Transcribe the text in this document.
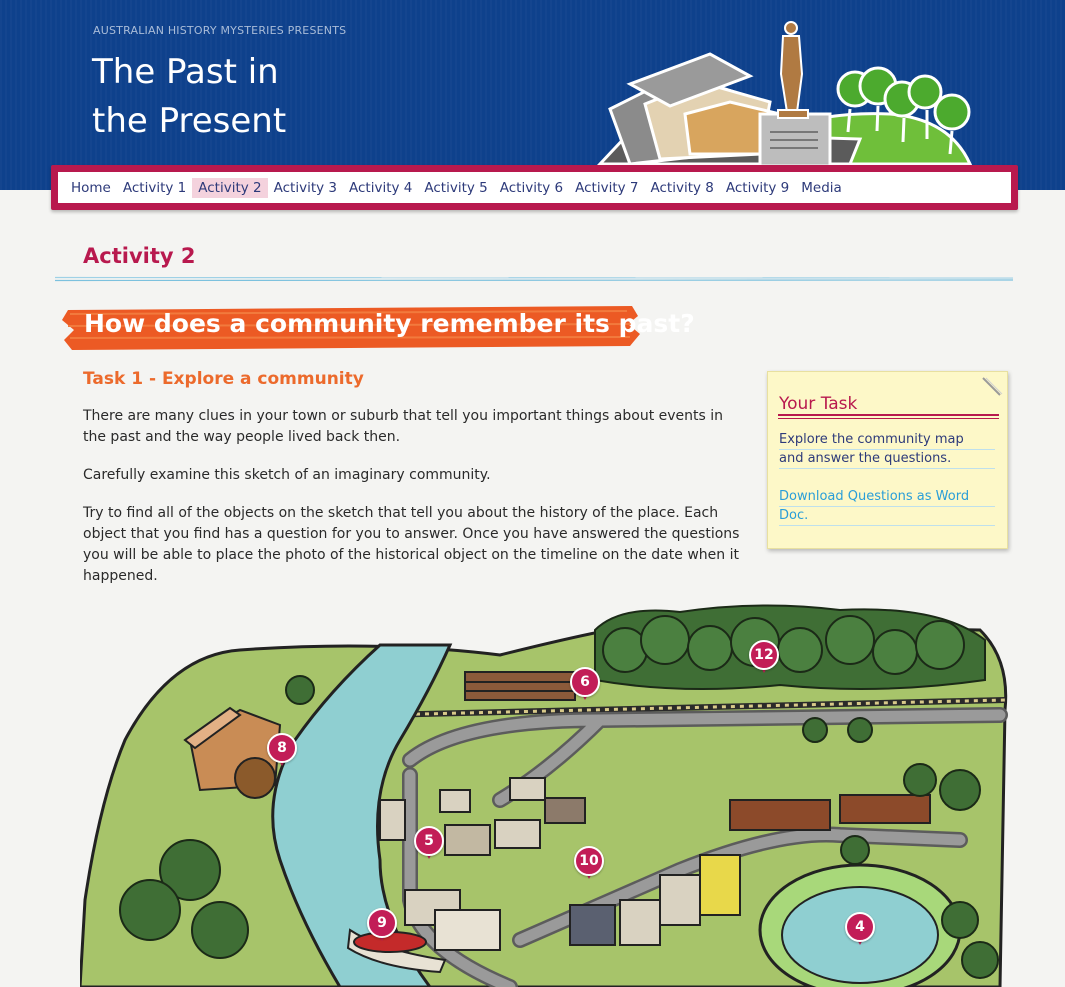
AUSTRALIAN HISTORY MYSTERIES PRESENTS
The Past in
the Present
Home Activity 1 Activity 2 Activity 3 Activity 4 Activity 5 Activity 6 Activity 7 Activity 8 Activity 9 Media
Activity 2
How does a community remember its past?
Task 1 - Explore a community

There are many clues in your town or suburb that tell you important things about events in the past and the way people lived back then.

Carefully examine this sketch of an imaginary community.

Try to find all of the objects on the sketch that tell you about the history of the place. Each object that you find has a question for you to answer. Once you have answered the questions you will be able to place the photo of the historical object on the timeline on the date when it happened.

Your Task
Explore the community map
and answer the questions.
Download Questions as Word
Doc.
12
6
8
5
10
9	4
